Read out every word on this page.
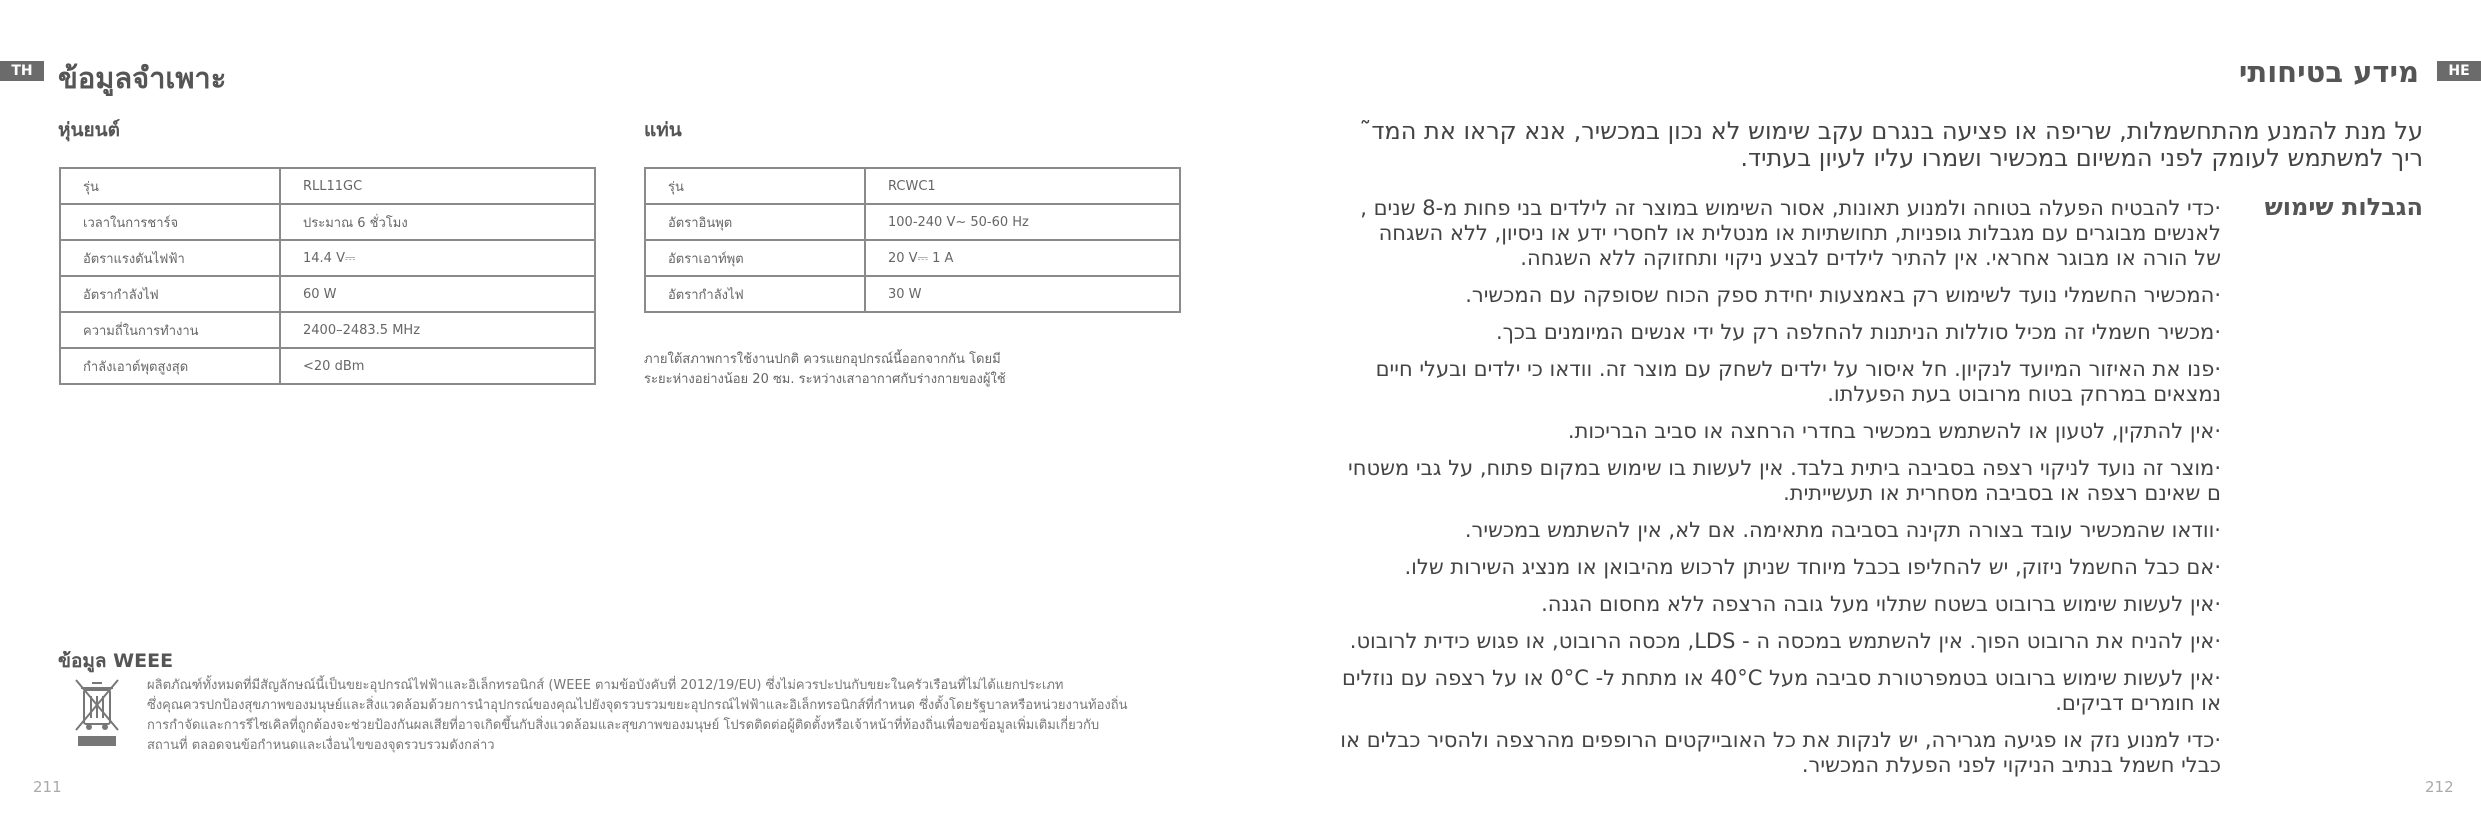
TH ข้อมูลจำเพาะ
หุ่นยนต์
รุ่น	RLL11GC
เวลาในการชาร์จ	ประมาณ 6 ชั่วโมง
อัตราแรงดันไฟฟ้า	14.4 V⎓
อัตรากำลังไฟ	60 W
ความถี่ในการทำงาน	2400–2483.5 MHz
กำลังเอาต์พุตสูงสุด	<20 dBm
แท่น
รุ่น	RCWC1
อัตราอินพุต	100-240 V~ 50-60 Hz
อัตราเอาท์พุต	20 V⎓ 1 A
อัตรากำลังไฟ	30 W
ภายใต้สภาพการใช้งานปกติ ควรแยกอุปกรณ์นี้ออกจากกัน โดยมี
ระยะห่างอย่างน้อย 20 ซม. ระหว่างเสาอากาศกับร่างกายของผู้ใช้
ข้อมูล WEEE
ผลิตภัณฑ์ทั้งหมดที่มีสัญลักษณ์นี้เป็นขยะอุปกรณ์ไฟฟ้าและอิเล็กทรอนิกส์ (WEEE ตามข้อบังคับที่ 2012/19/EU) ซึ่งไม่ควรปะปนกับขยะในครัวเรือนที่ไม่ได้แยกประเภท
ซึ่งคุณควรปกป้องสุขภาพของมนุษย์และสิ่งแวดล้อมด้วยการนำอุปกรณ์ของคุณไปยังจุดรวบรวมขยะอุปกรณ์ไฟฟ้าและอิเล็กทรอนิกส์ที่กำหนด ซึ่งตั้งโดยรัฐบาลหรือหน่วยงานท้องถิ่น
การกำจัดและการรีไซเคิลที่ถูกต้องจะช่วยป้องกันผลเสียที่อาจเกิดขึ้นกับสิ่งแวดล้อมและสุขภาพของมนุษย์ โปรดติดต่อผู้ติดตั้งหรือเจ้าหน้าที่ท้องถิ่นเพื่อขอข้อมูลเพิ่มเติมเกี่ยวกับ
สถานที่ ตลอดจนข้อกำหนดและเงื่อนไขของจุดรวบรวมดังกล่าว
211
HE
מידע בטיחותי
על מנת להמנע מהתחשמלות, שריפה או פציעה בנגרם עקב שימוש לא נכון במכשיר, אנא קראו את המד˜
ריך למשתמש לעומק לפני המשיום במכשיר ושמרו עליו לעיון בעתיד.
הגבלות שימוש
·כדי להבטיח הפעלה בטוחה ולמנוע תאונות, אסור השימוש במוצר זה לילדים בני פחות מ-8 שנים ,
לאנשים מבוגרים עם מגבלות גופניות, תחושתיות או מנטלית או לחסרי ידע או ניסיון, ללא השגחה
של הורה או מבוגר אחראי. אין להתיר לילדים לבצע ניקוי ותחזוקה ללא השגחה.
·המכשיר החשמלי נועד לשימוש רק באמצעות יחידת ספק הכוח שסופקה עם המכשיר.
·מכשיר חשמלי זה מכיל סוללות הניתנות להחלפה רק על ידי אנשים המיומנים בכך.
·פנו את האיזור המיועד לנקיון. חל איסור על ילדים לשחק עם מוצר זה. וודאו כי ילדים ובעלי חיים
נמצאים במרחק בטוח מרובוט בעת הפעלתו.
·אין להתקין, לטעון או להשתמש במכשיר בחדרי הרחצה או סביב הבריכות.
·מוצר זה נועד לניקוי רצפה בסביבה ביתית בלבד. אין לעשות בו שימוש במקום פתוח, על גבי משטחי
ם שאינם רצפה או בסביבה מסחרית או תעשייתית.
·וודאו שהמכשיר עובד בצורה תקינה בסביבה מתאימה. אם לא, אין להשתמש במכשיר.
·אם כבל החשמל ניזוק, יש להחליפו בכבל מיוחד שניתן לרכוש מהיבואן או מנציג השירות שלו.
·אין לעשות שימוש ברובוט בשטח שתלוי מעל גובה הרצפה ללא מחסום הגנה.
·אין להניח את הרובוט הפוך. אין להשתמש במכסה ה - LDS, מכסה הרובוט, או פגוש כידית לרובוט.
·אין לעשות שימוש ברובוט בטמפרטורת סביבה מעל 40°C או מתחת ל- 0°C או על רצפה עם נוזלים
או חומרים דביקים.
·כדי למנוע נזק או פגיעה מגרירה, יש לנקות את כל האובייקטים הרופפים מהרצפה ולהסיר כבלים או
כבלי חשמל בנתיב הניקוי לפני הפעלת המכשיר.
212
